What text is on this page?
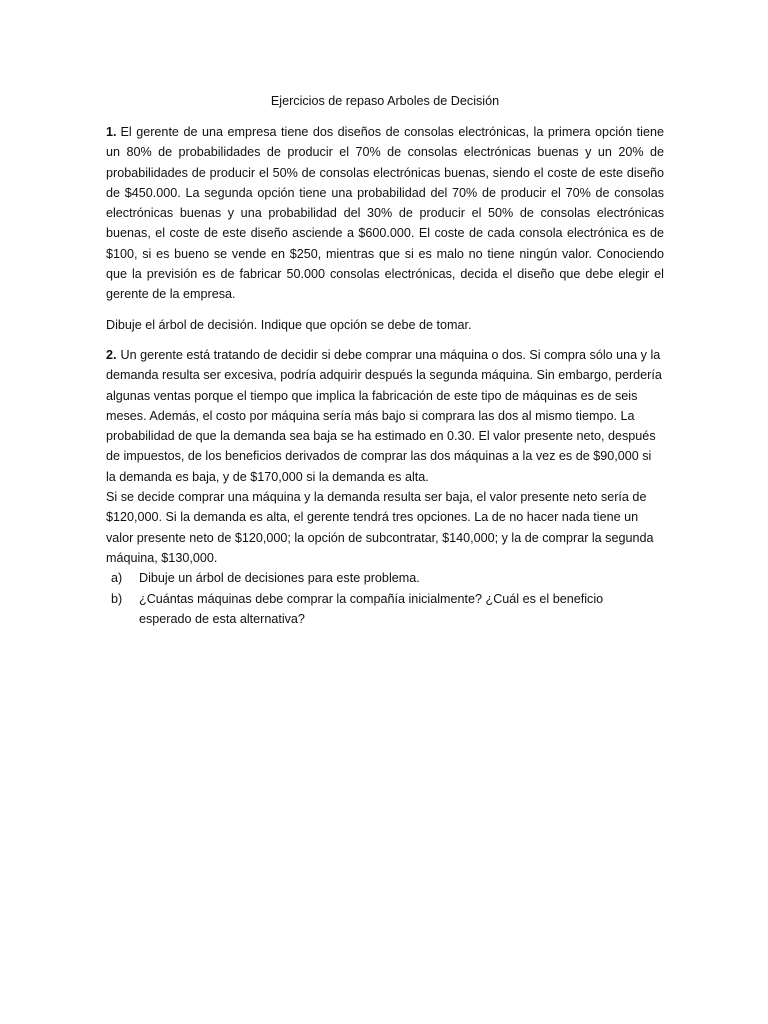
Ejercicios de repaso Arboles de Decisión

1. El gerente de una empresa tiene dos diseños de consolas electrónicas, la primera opción tiene un 80% de probabilidades de producir el 70% de consolas electrónicas buenas y un 20% de probabilidades de producir el 50% de consolas electrónicas buenas, siendo el coste de este diseño de $450.000. La segunda opción tiene una probabilidad del 70% de producir el 70% de consolas electrónicas buenas y una probabilidad del 30% de producir el 50% de consolas electrónicas buenas, el coste de este diseño asciende a $600.000. El coste de cada consola electrónica es de $100, si es bueno se vende en $250, mientras que si es malo no tiene ningún valor. Conociendo que la previsión es de fabricar 50.000 consolas electrónicas, decida el diseño que debe elegir el gerente de la empresa.

Dibuje el árbol de decisión. Indique que opción se debe de tomar.

2. Un gerente está tratando de decidir si debe comprar una máquina o dos. Si compra sólo una y la demanda resulta ser excesiva, podría adquirir después la segunda máquina. Sin embargo, perdería algunas ventas porque el tiempo que implica la fabricación de este tipo de máquinas es de seis meses. Además, el costo por máquina sería más bajo si comprara las dos al mismo tiempo. La probabilidad de que la demanda sea baja se ha estimado en 0.30. El valor presente neto, después de impuestos, de los beneficios derivados de comprar las dos máquinas a la vez es de $90,000 si la demanda es baja, y de $170,000 si la demanda es alta.

Si se decide comprar una máquina y la demanda resulta ser baja, el valor presente neto sería de $120,000. Si la demanda es alta, el gerente tendrá tres opciones. La de no hacer nada tiene un valor presente neto de $120,000; la opción de subcontratar, $140,000; y la de comprar la segunda máquina, $130,000.

a)	Dibuje un árbol de decisiones para este problema.
b)	¿Cuántas máquinas debe comprar la compañía inicialmente? ¿Cuál es el beneficio esperado de esta alternativa?
